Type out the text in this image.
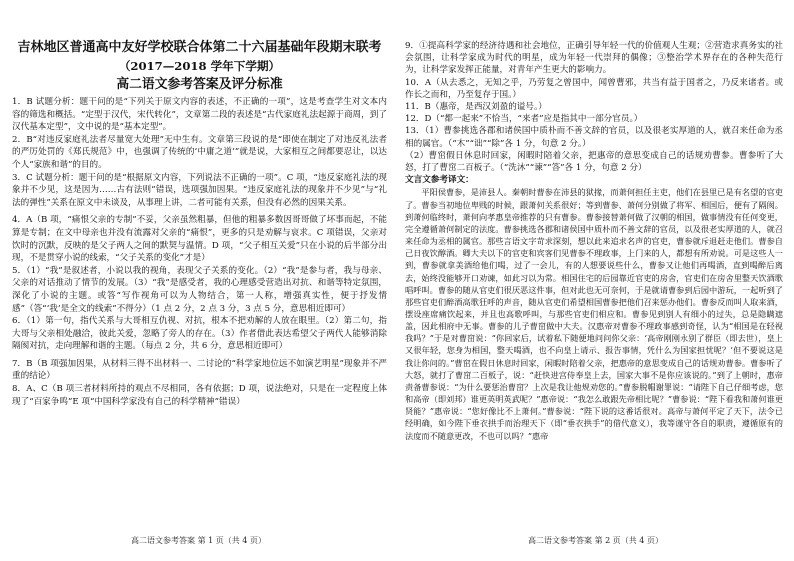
吉林地区普通高中友好学校联合体第二十六届基础年段期末联考

（2017—2018 学年下学期）

高二语文参考答案及评分标准

1．B 试题分析：题干问的是“下列关于原文内容的表述，不正确的一项”，这是考查学生对文本内容的筛选和概括。“定型于汉代，宋代转化”，文章第二段的表述是“古代家庭礼法起源于商周，到了汉代基本定型”，文中说的是“基本定型”。

2．B“对违反家庭礼法者尽量宽大处理”无中生有。文章第三段说的是“即使在制定了对违反礼法者的严厉处罚的《郑氏规范》中，也强调了传统的‘中庸之道’”就是说，大家相互之间都要忍让，以达个人“家族和谐”的目的。

3．C 试题分析：题干问的是“根据原文内容，下列说法不正确的一项”。C 项，“违反家庭礼法的现象并不少见，这是因为……古有法则”错误，选项强加因果。“违反家庭礼法的现象并不少见”与“礼法的弹性”关系在原文中未谈及，从事理上讲，二者可能有关系，但没有必然的因果关系。

4．A（B 项，“痛恨父亲的专制”不妥，父亲虽然粗暴，但他的粗暴多数因哥哥做了坏事而起，不能算是专制；在文中母亲也并没有流露对父亲的“痛恨”，更多的只是劝解与哀求。C 项错误，父亲对饮时的沉默，反映的是父子两人之间的默契与温情。D 项，“父子相互关爱”只在小说的后半部分出现，不是贯穿小说的线索，“父子关系的变化”才是）

5．（1）“我”是叙述者，小说以我的视角，表现父子关系的变化。（2）“我”是参与者，我与母亲、父亲的对话推动了情节的发展。（3）“我”是感受者，我的心理感受营造出对抗、和谐等特定氛围，深化了小说的主题。或答“写作视角可以为人物结合，第一人称，增强真实性，便于抒发情感”（答“‘我’是全文的线索”不得分）（1 点 2 分，2 点 3 分，3 点 5 分，意思相近即可）

6．（1）第一句，指代关系与大哥相互仇视、对抗，根本不把劝解的人放在眼里。（2）第二句，指大哥与父亲相处融洽，彼此关爱，忽略了旁人的存在。（3）作者借此表达希望父子两代人能够消除隔阂对抗，走向理解和谐的主题。（每点 2 分，共 6 分，意思相近即可）

7．B（B 项强加因果，从材料三得不出材料一、二讨论的“科学家地位远不如演艺明星”现象并不严重的结论）

8．A、C（B 项三者材料所持的观点不尽相同，各有依据；D 项，说法绝对，只是在一定程度上体现了“百家争鸣”E 项“中国科学家没有自己的科学精神”错误）

9．①提高科学家的经济待遇和社会地位，正确引导年轻一代的价值观人生观；②营造求真务实的社会氛围，让科学家成为时代的明星，成为年轻一代崇拜的偶像；③整治学术界存在的各种失范行为，让科学家发挥正能量，对青年产生更大的影响力。

10．A（从去悉之，无知之乎，乃劳复之曾国中，闻曾曹邪，共当有益于国者之，乃反来诸者。或作长之而和，乃至复存于国。）

11．B（惠帝，是西汉刘盈的谥号。）

12．D（“都一起来”不恰当，“来者”应是指其中一部分官员。）

13．（1）曹参挑选各郡和诸侯国中质朴而不善文辞的官员，以及很老实厚道的人，就召来任命为丞相的属官。（“木”“诎”“除”各 1 分，句意 2 分。）

（2）曹窋假日休息时回家，闲暇时陪着父亲，把惠帝的意思变成自己的话规劝曹参。曹参听了大怒，打了曹窋二百板子。（“洗沐”“谏”“答”各 1 分，句意 2 分）

文言文参考译文：

平阳侯曹参，是沛县人。秦朝时曹参在沛县的狱掾，而萧何担任主吏，他们在县里已是有名望的官吏了。曹参当初地位卑贱的时候，跟萧何关系很好；等到曹参、萧何分别做了将军、相国后，便有了隔阂。到萧何临终时，萧何向孝惠皇帝推荐的只有曹参。曹参接替萧何做了汉朝的相国，做事情没有任何变更，完全遵循萧何制定的法度。曹参挑选各郡和诸侯国中质朴而不善文辞的官员，以及很老实厚道的人，就召来任命为丞相的属官。那些言语文字苛求深刻，想以此来追求名声的官吏，曹参就斥退赶走他们。曹参自己日夜饮醇酒。卿大夫以下的官吏和宾客们见曹参不理政事，上门来的人，都想有所劝说。可是这些人一到，曹参就拿美酒给他们喝，过了一会儿，有的人想要说些什么，曹参又让他们再喝酒，直到喝醉后离去，始终没能够开口劝谏，如此习以为常。相国住宅的后园靠近官吏的房舍，官吏们在房舍里整天饮酒歌唱呼叫。曹参的随从官吏们很厌恶这件事，但对此也无可奈何，于是就请曹参到后园中游玩，一起听到了那些官吏们醉酒高歌狂呼的声音，随从官吏们希望相国曹参把他们召来惩办他们。曹参反而叫人取来酒，摆设座席痛饮起来，并且也高歌呼叫，与那些官吏们相应和。曹参见到别人有细小的过失，总是隐瞒遮盖，因此相府中无事。曹参的儿子曹窋做中大夫。汉惠帝对曹参不理政事感到奇怪，认为“相国是在轻视我吗？”于是对曹窋说：“你回家后，试着私下随便地问问你父亲：‘高帝刚刚永别了群臣（即去世），皇上又很年轻，您身为相国，整天喝酒，也不向皇上请示、报告事情，凭什么为国家担忧呢？’但不要说这是我让你问的。”曹窋在假日休息时回家，闲暇时陪着父亲，把惠帝的意思变成自己的话规劝曹参。曹参听了大怒，就打了曹窋二百板子，说：“赶快进宫侍奉皇上去，国家大事不是你应该说的。”到了上朝时，惠帝责备曹参说：“为什么要惩治曹窋？上次是我让他规劝您的。”曹参脱帽谢罪说：“请陛下自己仔细考虑，您和高帝（即刘邦）谁更英明英武呢？”惠帝说：“我怎么敢跟先帝相比呢？”曹参说：“陛下看我和萧何谁更贤能？”惠帝说：“您好像比不上萧何。”曹参说：“陛下说的这番话很对。高帝与萧何平定了天下，法令已经明确，如今陛下垂衣拱手而治理天下（即“垂衣拱手”的借代意义），我等谨守各自的职责，遵循原有的法度而不随意更改，不也可以吗？”惠帝

高二语文参考答案 第 1 页（共 4 页）	高二语文参考答案 第 2 页（共 4 页）
